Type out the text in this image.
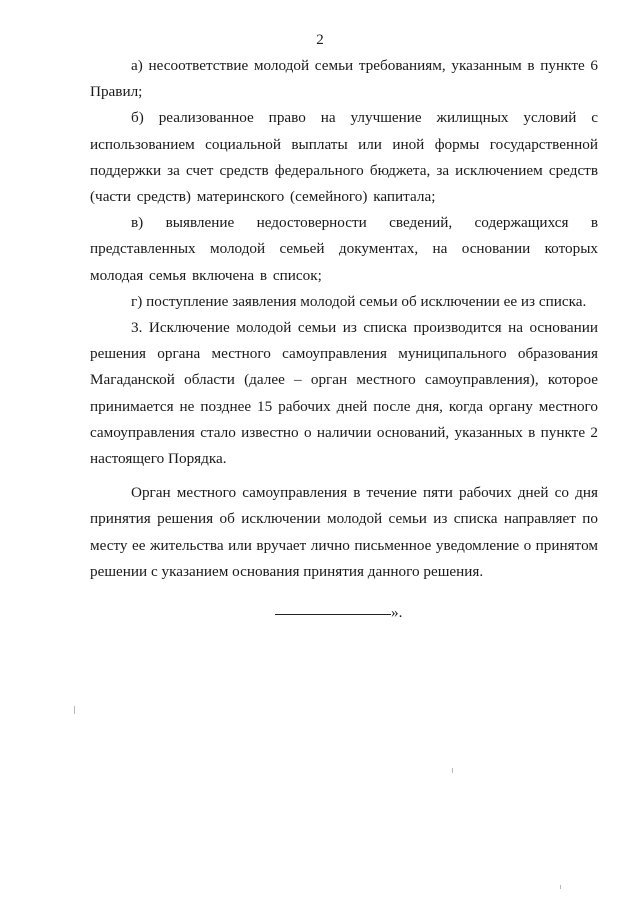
2

а) несоответствие молодой семьи требованиям, указанным в пункте 6 Правил;

б) реализованное право на улучшение жилищных условий с использованием социальной выплаты или иной формы государственной поддержки за счет средств федерального бюджета, за исключением средств (части средств) материнского (семейного) капитала;

в) выявление недостоверности сведений, содержащихся в представленных молодой семьей документах, на основании которых молодая семья включена в список;

г) поступление заявления молодой семьи об исключении ее из списка.

3. Исключение молодой семьи из списка производится на основании решения органа местного самоуправления муниципального образования Магаданской области (далее – орган местного самоуправления), которое принимается не позднее 15 рабочих дней после дня, когда органу местного самоуправления стало известно о наличии оснований, указанных в пункте 2 настоящего Порядка.

Орган местного самоуправления в течение пяти рабочих дней со дня принятия решения об исключении молодой семьи из списка направляет по месту ее жительства или вручает лично письменное уведомление о принятом решении с указанием основания принятия данного решения.

».
